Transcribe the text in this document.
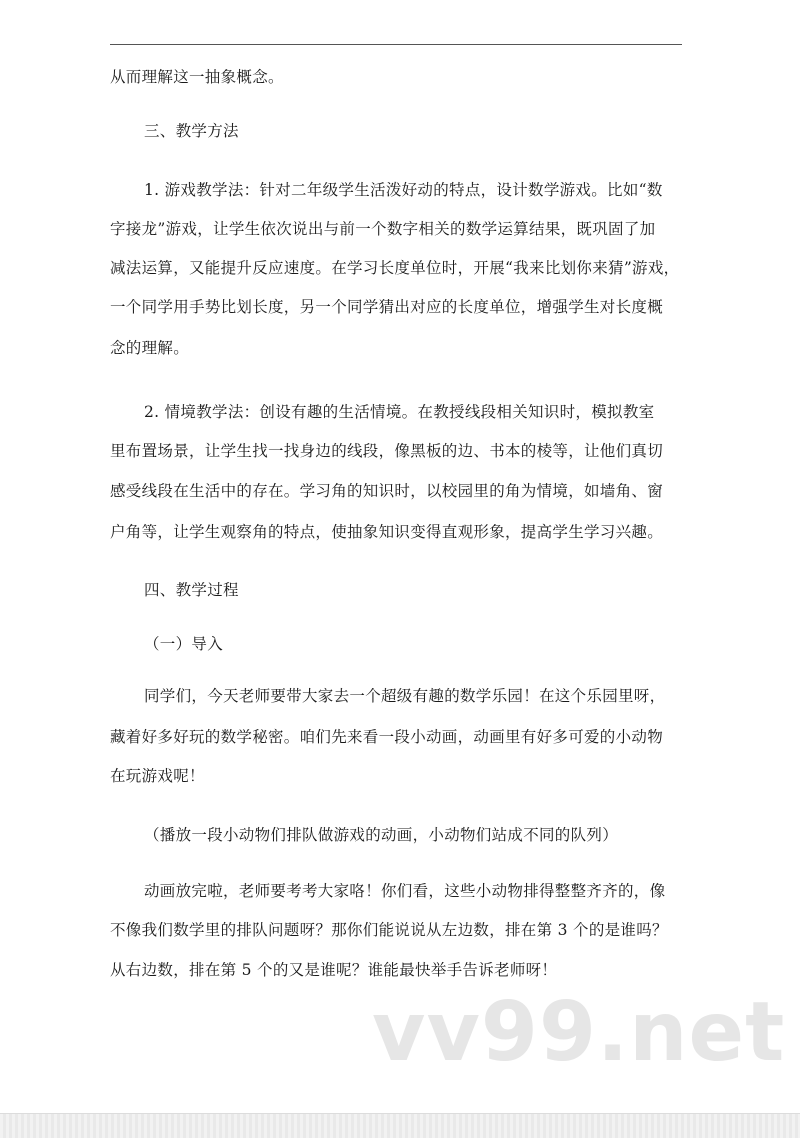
从而理解这一抽象概念。
三、教学方法
1. 游戏教学法：针对二年级学生活泼好动的特点，设计数学游戏。比如“数
字接龙”游戏，让学生依次说出与前一个数字相关的数学运算结果，既巩固了加
减法运算，又能提升反应速度。在学习长度单位时，开展“我来比划你来猜”游戏，
一个同学用手势比划长度，另一个同学猜出对应的长度单位，增强学生对长度概
念的理解。
2. 情境教学法：创设有趣的生活情境。在教授线段相关知识时，模拟教室
里布置场景，让学生找一找身边的线段，像黑板的边、书本的棱等，让他们真切
感受线段在生活中的存在。学习角的知识时，以校园里的角为情境，如墙角、窗
户角等，让学生观察角的特点，使抽象知识变得直观形象，提高学生学习兴趣。
四、教学过程
（一）导入
同学们，今天老师要带大家去一个超级有趣的数学乐园！在这个乐园里呀，
藏着好多好玩的数学秘密。咱们先来看一段小动画，动画里有好多可爱的小动物
在玩游戏呢！
（播放一段小动物们排队做游戏的动画，小动物们站成不同的队列）
动画放完啦，老师要考考大家咯！你们看，这些小动物排得整整齐齐的，像
不像我们数学里的排队问题呀？那你们能说说从左边数，排在第 3 个的是谁吗？
从右边数，排在第 5 个的又是谁呢？谁能最快举手告诉老师呀！
vv99.net
